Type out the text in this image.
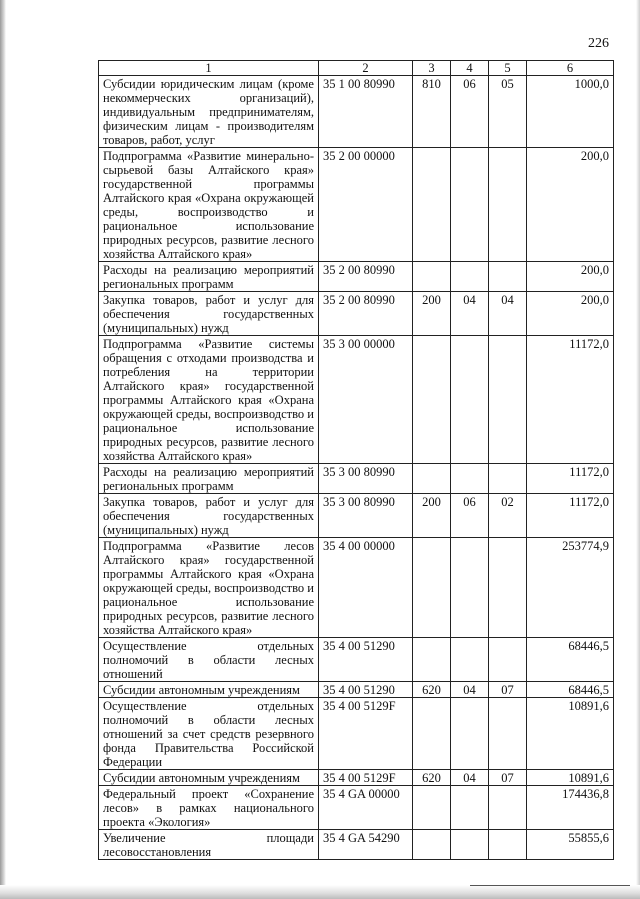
226
1	2	3	4	5	6
Субсидии юридическим лицам (кроме некоммерческих организаций), индивидуальным предпринимателям, физическим лицам - производителям товаров, работ, услуг	35 1 00 80990	810	06	05	1000,0
Подпрограмма «Развитие минерально-сырьевой базы Алтайского края» государственной программы Алтайского края «Охрана окружающей среды, воспроизводство и рациональное использование природных ресурсов, развитие лесного хозяйства Алтайского края»	35 2 00 00000				200,0
Расходы на реализацию мероприятий региональных программ	35 2 00 80990				200,0
Закупка товаров, работ и услуг для обеспечения государственных (муниципальных) нужд	35 2 00 80990	200	04	04	200,0
Подпрограмма «Развитие системы обращения с отходами производства и потребления на территории Алтайского края» государственной программы Алтайского края «Охрана окружающей среды, воспроизводство и рациональное использование природных ресурсов, развитие лесного хозяйства Алтайского края»	35 3 00 00000				11172,0
Расходы на реализацию мероприятий региональных программ	35 3 00 80990				11172,0
Закупка товаров, работ и услуг для обеспечения государственных (муниципальных) нужд	35 3 00 80990	200	06	02	11172,0
Подпрограмма «Развитие лесов Алтайского края» государственной программы Алтайского края «Охрана окружающей среды, воспроизводство и рациональное использование природных ресурсов, развитие лесного хозяйства Алтайского края»	35 4 00 00000				253774,9
Осуществление отдельных полномочий в области лесных отношений	35 4 00 51290				68446,5
Субсидии автономным учреждениям	35 4 00 51290	620	04	07	68446,5
Осуществление отдельных полномочий в области лесных отношений за счет средств резервного фонда Правительства Российской Федерации	35 4 00 5129F				10891,6
Субсидии автономным учреждениям	35 4 00 5129F	620	04	07	10891,6
Федеральный проект «Сохранение лесов» в рамках национального проекта «Экология»	35 4 GA 00000				174436,8
Увеличение площади лесовосстановления	35 4 GA 54290				55855,6
